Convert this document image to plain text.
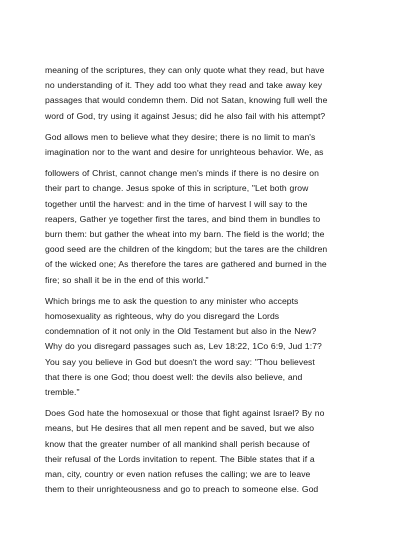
meaning of the scriptures, they can only quote what they read, but have
no understanding of it. They add too what they read and take away key
passages that would condemn them. Did not Satan, knowing full well the
word of God, try using it against Jesus; did he also fail with his attempt?
God allows men to believe what they desire; there is no limit to man's
imagination nor to the want and desire for unrighteous behavior. We, as
followers of Christ, cannot change men's minds if there is no desire on
their part to change. Jesus spoke of this in scripture, "Let both grow
together until the harvest: and in the time of harvest I will say to the
reapers, Gather ye together first the tares, and bind them in bundles to
burn them: but gather the wheat into my barn. The field is the world; the
good seed are the children of the kingdom; but the tares are the children
of the wicked one; As therefore the tares are gathered and burned in the
fire; so shall it be in the end of this world."
Which brings me to ask the question to any minister who accepts
homosexuality as righteous, why do you disregard the Lords
condemnation of it not only in the Old Testament but also in the New?
Why do you disregard passages such as, Lev 18:22, 1Co 6:9, Jud 1:7?
You say you believe in God but doesn't the word say: "Thou believest
that there is one God; thou doest well: the devils also believe, and
tremble."
Does God hate the homosexual or those that fight against Israel? By no
means, but He desires that all men repent and be saved, but we also
know that the greater number of all mankind shall perish because of
their refusal of the Lords invitation to repent. The Bible states that if a
man, city, country or even nation refuses the calling; we are to leave
them to their unrighteousness and go to preach to someone else. God
